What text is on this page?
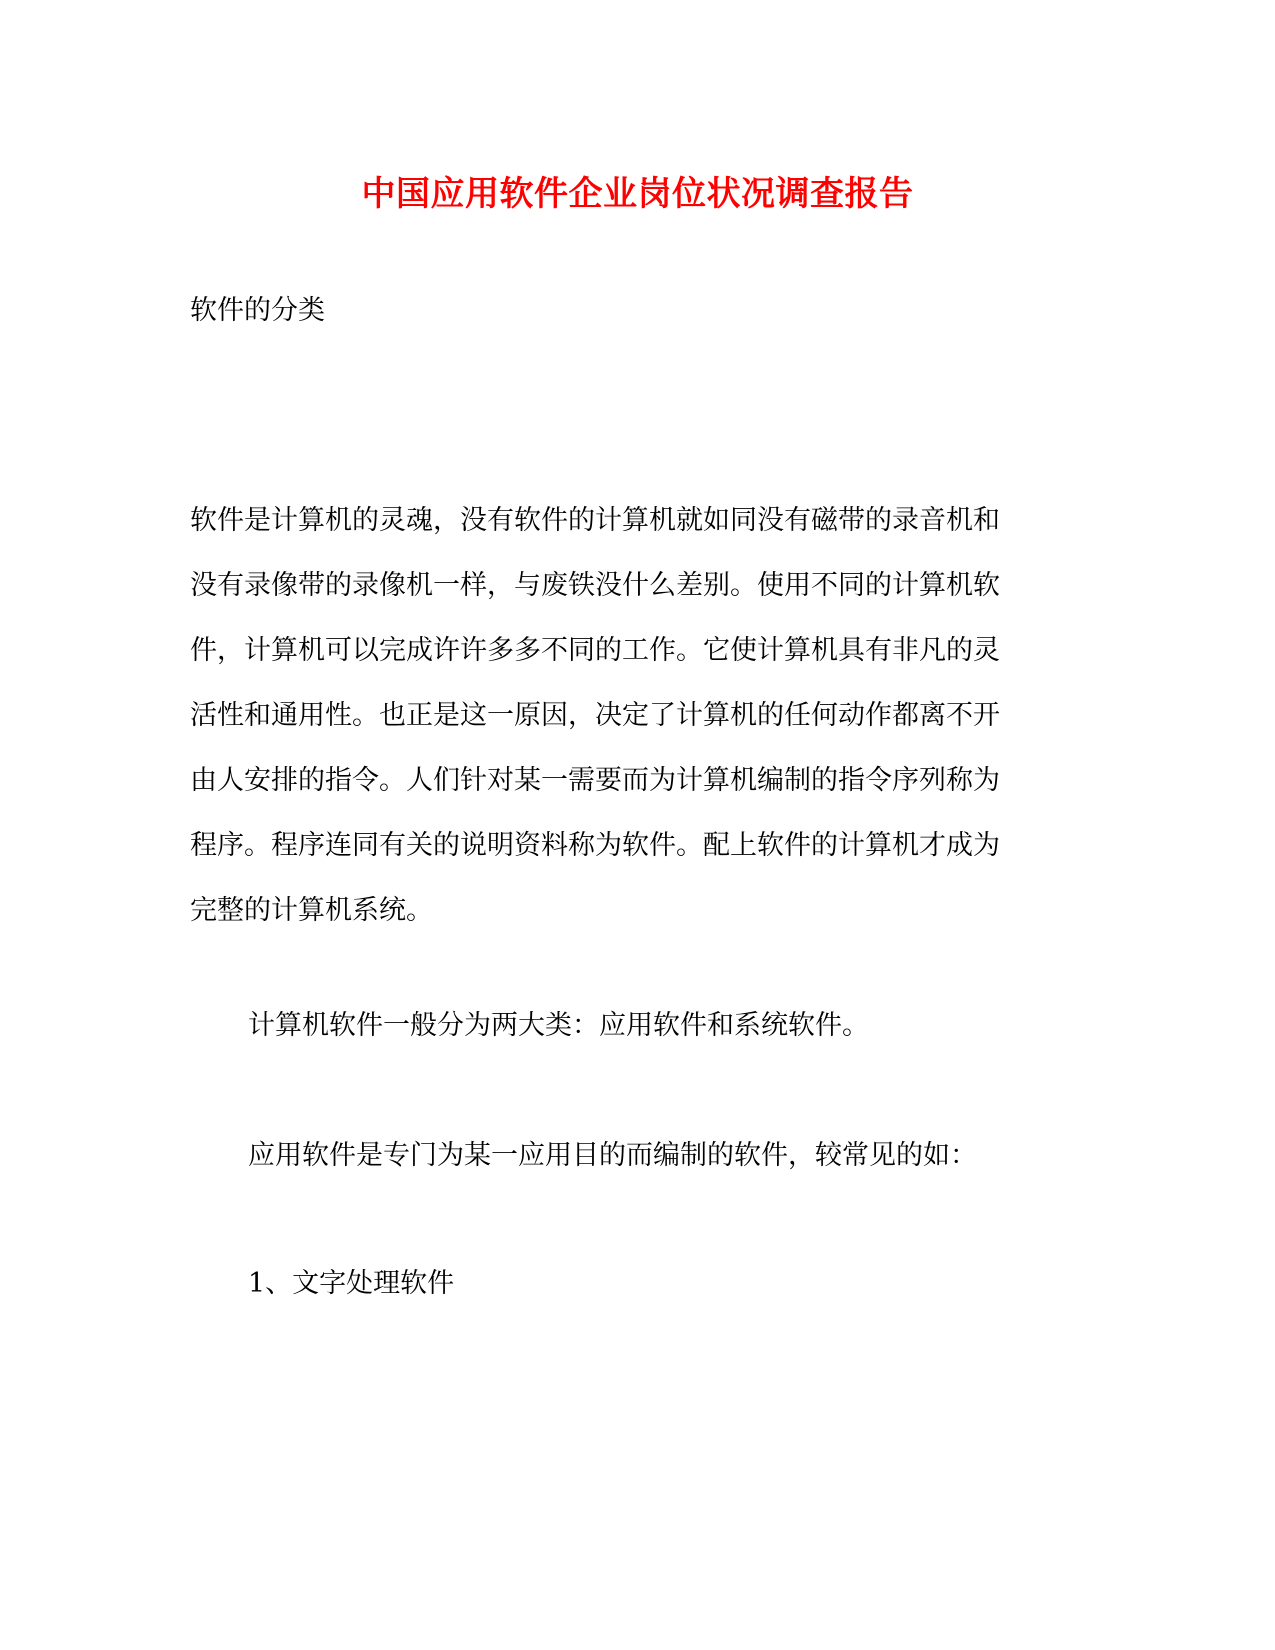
中国应用软件企业岗位状况调查报告
软件的分类
软件是计算机的灵魂，没有软件的计算机就如同没有磁带的录音机和
没有录像带的录像机一样，与废铁没什么差别。使用不同的计算机软
件，计算机可以完成许许多多不同的工作。它使计算机具有非凡的灵
活性和通用性。也正是这一原因，决定了计算机的任何动作都离不开
由人安排的指令。人们针对某一需要而为计算机编制的指令序列称为
程序。程序连同有关的说明资料称为软件。配上软件的计算机才成为
完整的计算机系统。
计算机软件一般分为两大类：应用软件和系统软件。
应用软件是专门为某一应用目的而编制的软件，较常见的如：
1、文字处理软件
